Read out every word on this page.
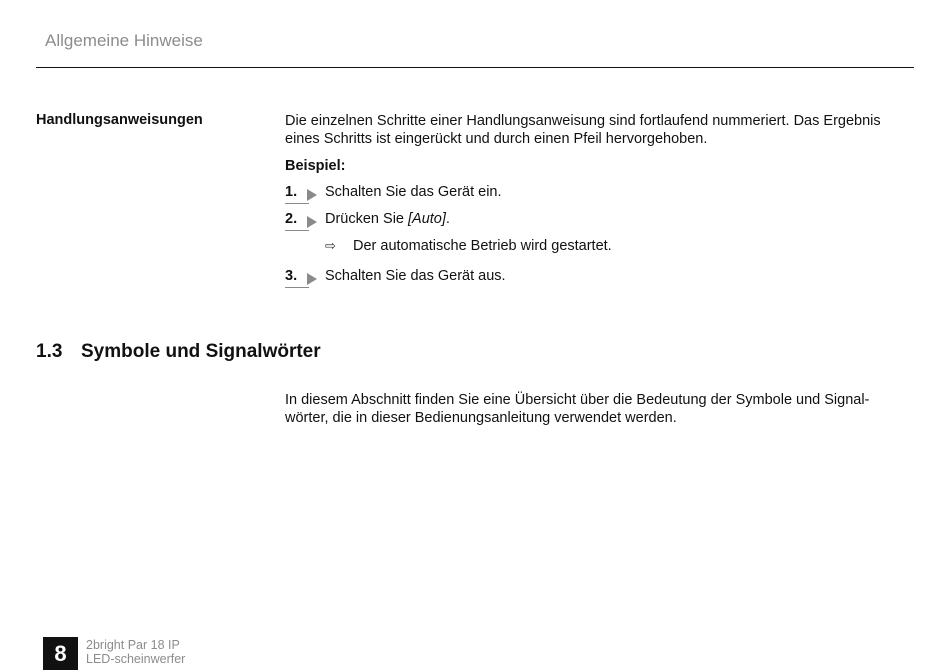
Allgemeine Hinweise
Handlungsanweisungen	Die einzelnen Schritte einer Handlungsanweisung sind fortlaufend nummeriert. Das Ergebnis
eines Schritts ist eingerückt und durch einen Pfeil hervorgehoben.
Beispiel:
1. Schalten Sie das Gerät ein.
2. Drücken Sie [Auto].
⇨ Der automatische Betrieb wird gestartet.
3. Schalten Sie das Gerät aus.
1.3 Symbole und Signalwörter
In diesem Abschnitt finden Sie eine Übersicht über die Bedeutung der Symbole und Signal-
wörter, die in dieser Bedienungsanleitung verwendet werden.
8	2bright Par 18 IP
LED-scheinwerfer
